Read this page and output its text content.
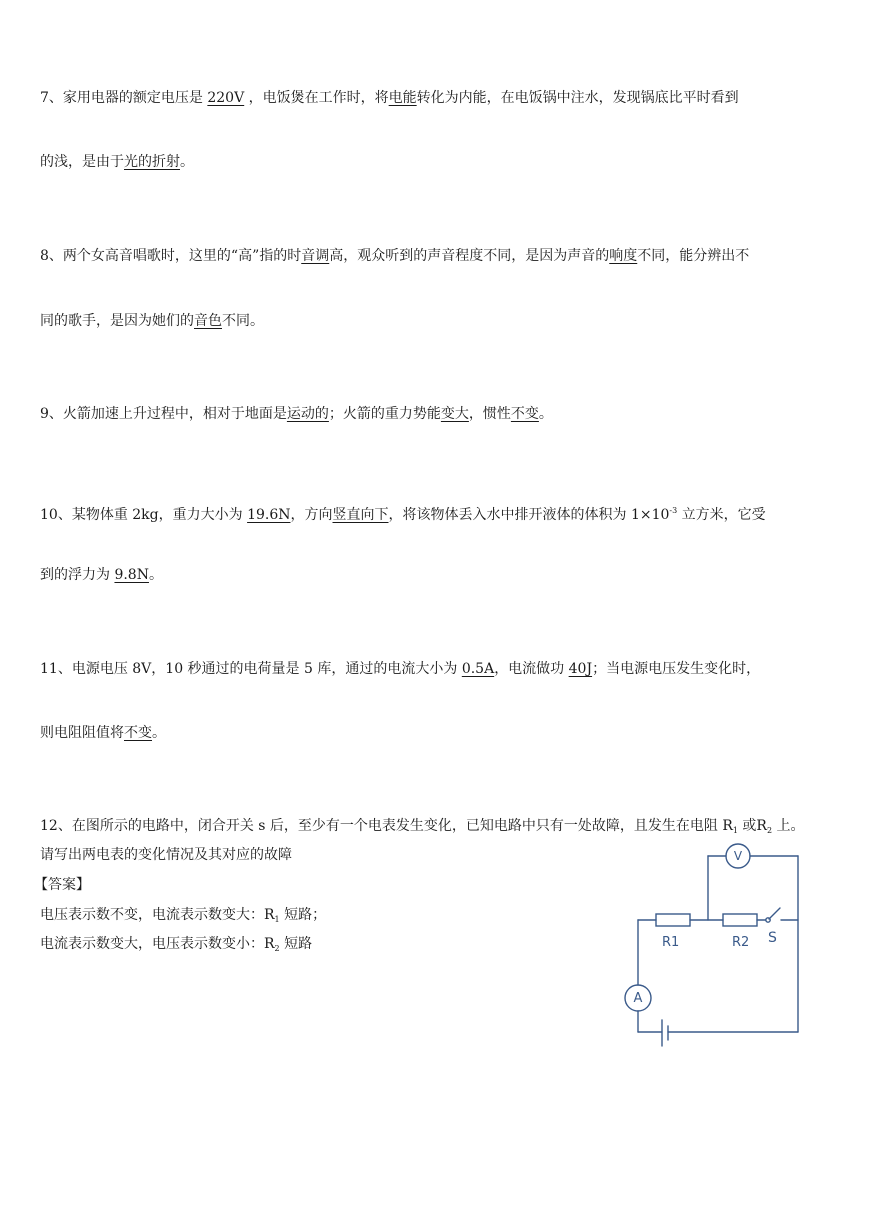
7、家用电器的额定电压是 220V ，电饭煲在工作时，将电能转化为内能，在电饭锅中注水，发现锅底比平时看到
的浅，是由于光的折射。
8、两个女高音唱歌时，这里的“高”指的时音调高，观众听到的声音程度不同，是因为声音的响度不同，能分辨出不
同的歌手，是因为她们的音色不同。
9、火箭加速上升过程中，相对于地面是运动的；火箭的重力势能变大，惯性不变。
10、某物体重 2kg，重力大小为 19.6N，方向竖直向下，将该物体丢入水中排开液体的体积为 $1\times 10^{-3}$ 立方米，它受
到的浮力为 9.8N。
11、电源电压 8V，10 秒通过的电荷量是 5 库，通过的电流大小为 0.5A，电流做功 40J；当电源电压发生变化时，
则电阻阻值将不变。
12、在图所示的电路中，闭合开关 s 后，至少有一个电表发生变化，已知电路中只有一处故障，且发生在电阻 $R_1$ 或$R_2$ 上。
请写出两电表的变化情况及其对应的故障
【答案】
电压表示数不变，电流表示数变大：$R_1$ 短路；
电流表示数变大，电压表示数变小：$R_2$ 短路
V
A
R1	R2 S
